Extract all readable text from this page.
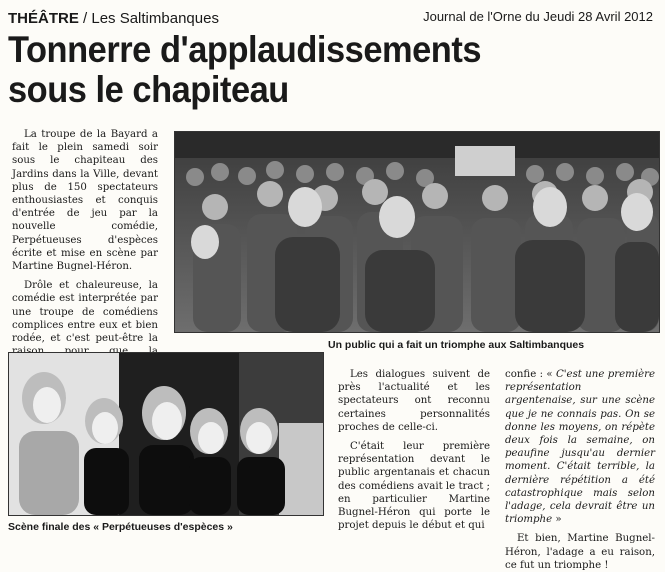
THÉÂTRE / Les Saltimbanques	Journal de l'Orne du Jeudi 28 Avril 2012
Tonnerre d'applaudissements
sous le chapiteau

La troupe de la Bayard a fait le plein samedi soir sous le chapiteau des Jardins dans la Ville, devant plus de 150 spectateurs enthousiastes et conquis d'entrée de jeu par la nouvelle comédie, Perpétueuses d'espèces écrite et mise en scène par Martine Bugnel-Héron.

Drôle et chaleureuse, la comédie est interprétée par une troupe de comédiens complices entre eux et bien rodée, et c'est peut-être la

Un public qui a fait un triomphe aux Saltimbanques
Scène finale des « Perpétueuses d'espèces »

Les dialogues suivent de près l'actualité et les spectateurs ont reconnu certaines personnalités proches de celle-ci.

C'était leur première représentation devant le public argentanais et chacun des comédiens avait le tract ; en particulier Martine Bugnel-Héron qui porte le projet depuis le début et qui

confie : « C'est une première représentation argentenaise, sur une scène que je ne connais pas. On se donne les moyens, on répète deux fois la semaine, on peaufine jusqu'au dernier moment. C'était terrible, la dernière répétition a été catastrophique mais selon l'adage, cela devrait être un triomphe »

Et bien, Martine Bugnel-Héron, l'adage a eu raison, ce fut un triomphe !
